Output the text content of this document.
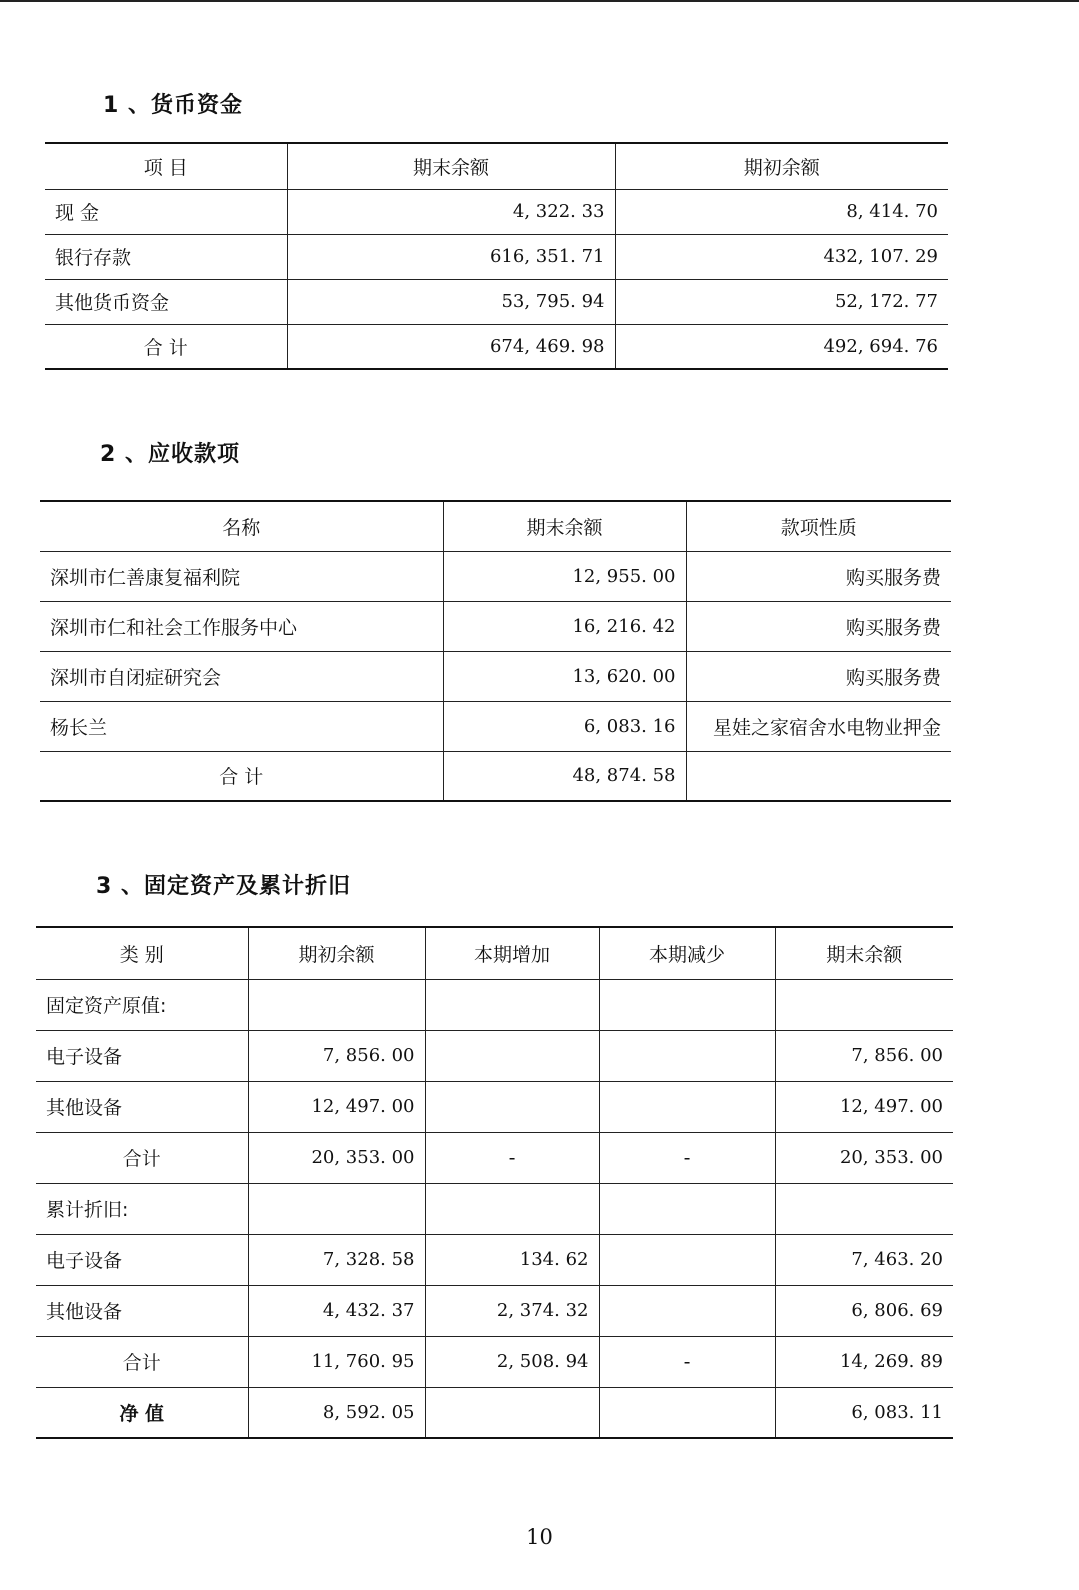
1 、货币资金
项 目	期末余额	期初余额
现 金	4, 322. 33	8, 414. 70
银行存款	616, 351. 71	432, 107. 29
其他货币资金	53, 795. 94	52, 172. 77
合 计	674, 469. 98	492, 694. 76
2 、应收款项
名称	期末余额	款项性质
深圳市仁善康复福利院	12, 955. 00	购买服务费
深圳市仁和社会工作服务中心	16, 216. 42	购买服务费
深圳市自闭症研究会	13, 620. 00	购买服务费
杨长兰	6, 083. 16	星娃之家宿舍水电物业押金
合 计	48, 874. 58	
3 、固定资产及累计折旧
类 别	期初余额	本期增加	本期减少	期末余额
固定资产原值:				
电子设备	7, 856. 00			7, 856. 00
其他设备	12, 497. 00			12, 497. 00
合计	20, 353. 00	-	-	20, 353. 00
累计折旧:				
电子设备	7, 328. 58	134. 62		7, 463. 20
其他设备	4, 432. 37	2, 374. 32		6, 806. 69
合计	11, 760. 95	2, 508. 94	-	14, 269. 89
净 值	8, 592. 05			6, 083. 11
10
